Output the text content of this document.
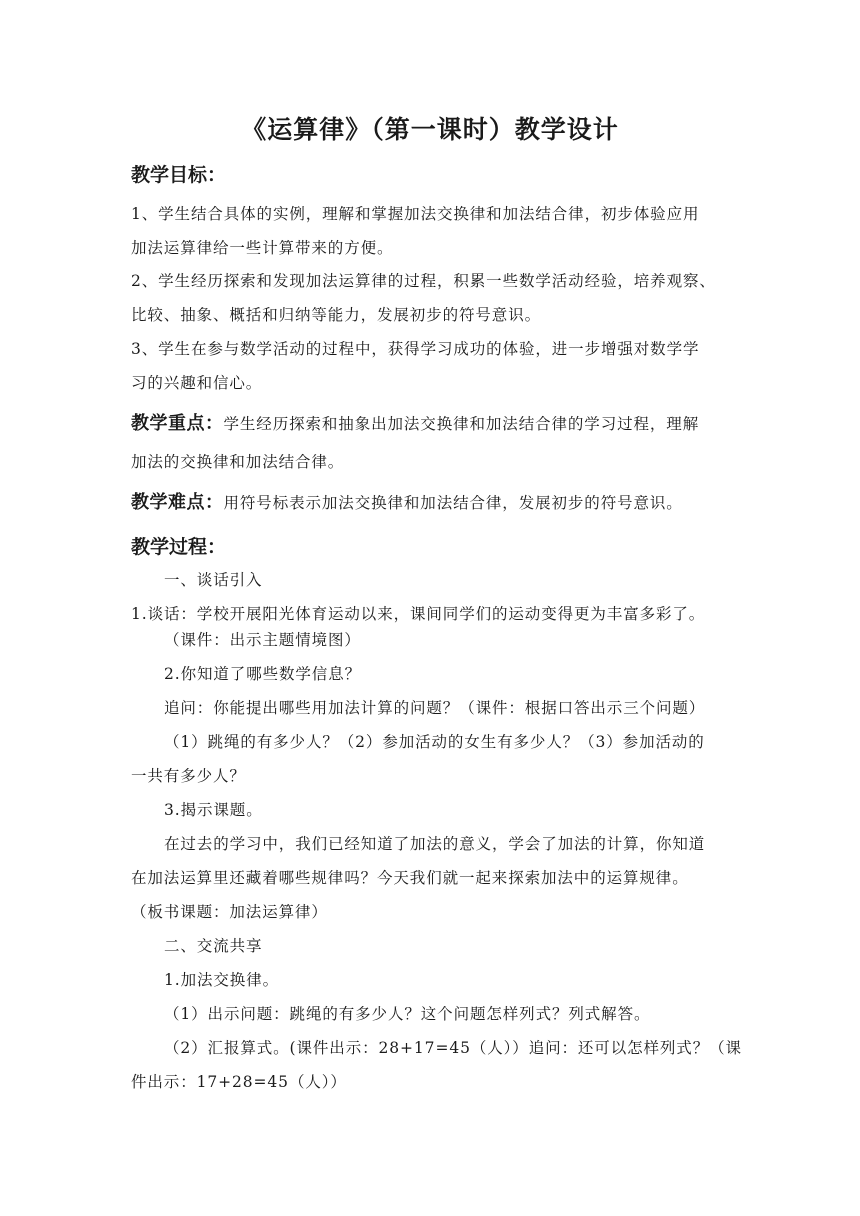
《运算律》（第一课时）教学设计
教学目标：
1、学生结合具体的实例，理解和掌握加法交换律和加法结合律，初步体验应用
加法运算律给一些计算带来的方便。
2、学生经历探索和发现加法运算律的过程，积累一些数学活动经验，培养观察、
比较、抽象、概括和归纳等能力，发展初步的符号意识。
3、学生在参与数学活动的过程中，获得学习成功的体验，进一步增强对数学学
习的兴趣和信心。
教学重点：学生经历探索和抽象出加法交换律和加法结合律的学习过程，理解
加法的交换律和加法结合律。
教学难点：用符号标表示加法交换律和加法结合律，发展初步的符号意识。
教学过程：
一、谈话引入
1.谈话：学校开展阳光体育运动以来，课间同学们的运动变得更为丰富多彩了。
（课件：出示主题情境图）
2.你知道了哪些数学信息？
追问：你能提出哪些用加法计算的问题？（课件：根据口答出示三个问题）
（1）跳绳的有多少人？（2）参加活动的女生有多少人？（3）参加活动的
一共有多少人？
3.揭示课题。
在过去的学习中，我们已经知道了加法的意义，学会了加法的计算，你知道
在加法运算里还藏着哪些规律吗？今天我们就一起来探索加法中的运算规律。
（板书课题：加法运算律）
二、交流共享
1.加法交换律。
（1）出示问题：跳绳的有多少人？这个问题怎样列式？列式解答。
（2）汇报算式。(课件出示：28+17=45（人））追问：还可以怎样列式？（课
件出示：17+28=45（人））
